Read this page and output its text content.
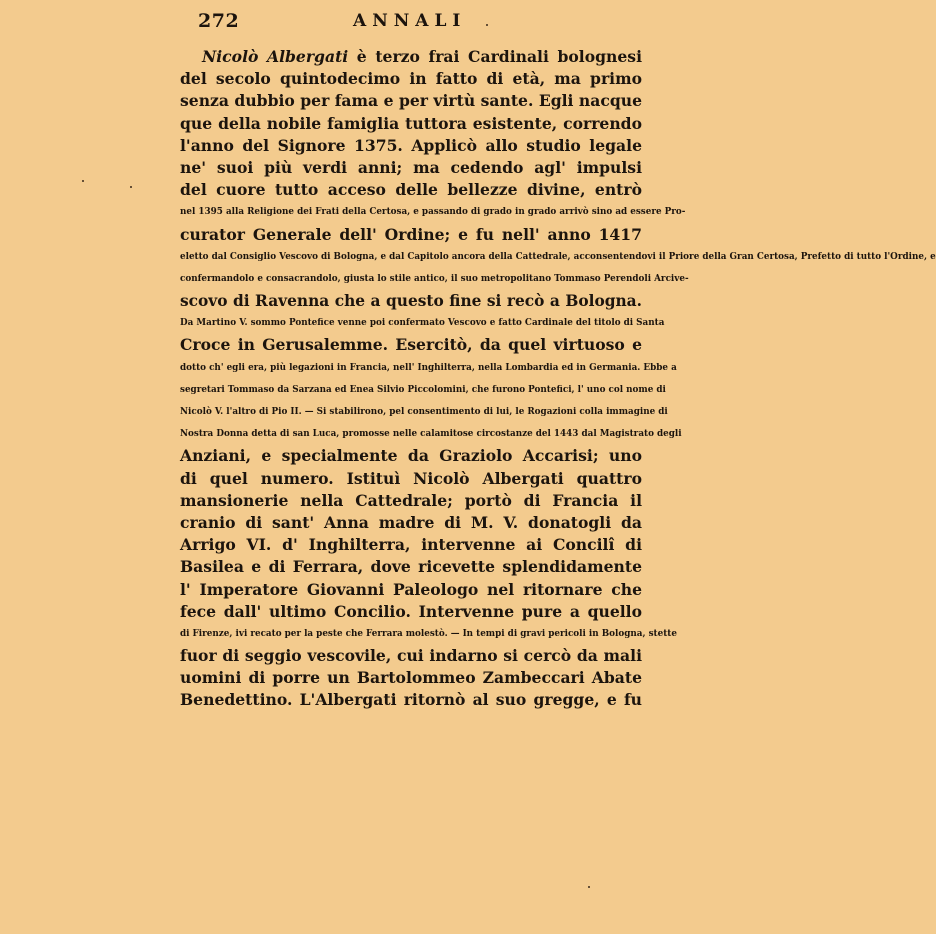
272	ANNALI
Nicolò Albergati è terzo frai Cardinali bolognesi
del secolo quintodecimo in fatto di età, ma primo
senza dubbio per fama e per virtù sante. Egli nacque
que della nobile famiglia tuttora esistente, correndo
l'anno del Signore 1375. Applicò allo studio legale
ne' suoi più verdi anni; ma cedendo agl' impulsi
del cuore tutto acceso delle bellezze divine, entrò
nel 1395 alla Religione dei Frati della Certosa, e passando di grado in grado arrivò sino ad essere Pro-
curator Generale dell' Ordine; e fu nell' anno 1417
eletto dal Consiglio Vescovo di Bologna, e dal Capitolo ancora della Cattedrale, acconsentendovi il Priore della Gran Certosa, Prefetto di tutto l'Ordine, e
confermandolo e consacrandolo, giusta lo stile antico, il suo metropolitano Tommaso Perendoli Arcive-
scovo di Ravenna che a questo fine si recò a Bologna.
Da Martino V. sommo Pontefice venne poi confermato Vescovo e fatto Cardinale del titolo di Santa
Croce in Gerusalemme. Esercitò, da quel virtuoso e
dotto ch' egli era, più legazioni in Francia, nell' Inghilterra, nella Lombardia ed in Germania. Ebbe a
segretari Tommaso da Sarzana ed Enea Silvio Piccolomini, che furono Pontefici, l' uno col nome di
Nicolò V. l'altro di Pio II. — Si stabilirono, pel consentimento di lui, le Rogazioni colla immagine di
Nostra Donna detta di san Luca, promosse nelle calamitose circostanze del 1443 dal Magistrato degli
Anziani, e specialmente da Graziolo Accarisi; uno
di quel numero. Istituì Nicolò Albergati quattro
mansionerie nella Cattedrale; portò di Francia il
cranio di sant' Anna madre di M. V. donatogli da
Arrigo VI. d' Inghilterra, intervenne ai Concilî di
Basilea e di Ferrara, dove ricevette splendidamente
l' Imperatore Giovanni Paleologo nel ritornare che
fece dall' ultimo Concilio. Intervenne pure a quello
di Firenze, ivi recato per la peste che Ferrara molestò. — In tempi di gravi pericoli in Bologna, stette
fuor di seggio vescovile, cui indarno si cercò da mali
uomini di porre un Bartolommeo Zambeccari Abate
Benedettino. L'Albergati ritornò al suo gregge, e fu
